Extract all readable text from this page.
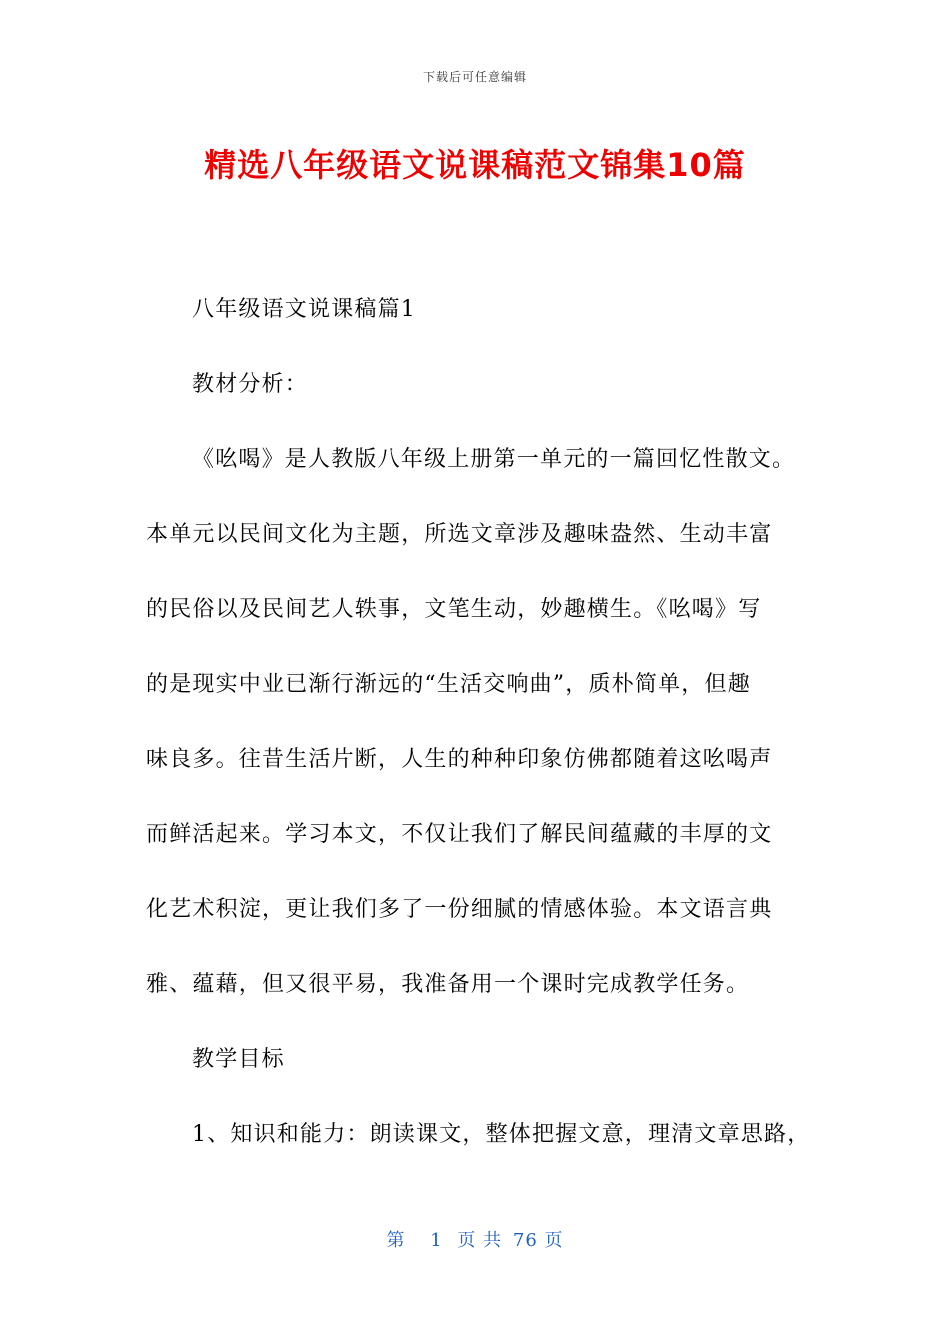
下载后可任意编辑
精选八年级语文说课稿范文锦集10篇

八年级语文说课稿篇1

教材分析：

《吆喝》是人教版八年级上册第一单元的一篇回忆性散文。

本单元以民间文化为主题，所选文章涉及趣味盎然、生动丰富

的民俗以及民间艺人轶事，文笔生动，妙趣横生。《吆喝》写

的是现实中业已渐行渐远的“生活交响曲”，质朴简单，但趣

味良多。往昔生活片断，人生的种种印象仿佛都随着这吆喝声

而鲜活起来。学习本文，不仅让我们了解民间蕴藏的丰厚的文

化艺术积淀，更让我们多了一份细腻的情感体验。本文语言典

雅、蕴藉，但又很平易，我准备用一个课时完成教学任务。

教学目标

1、知识和能力：朗读课文，整体把握文意，理清文章思路，

第 1 页 共 76 页
